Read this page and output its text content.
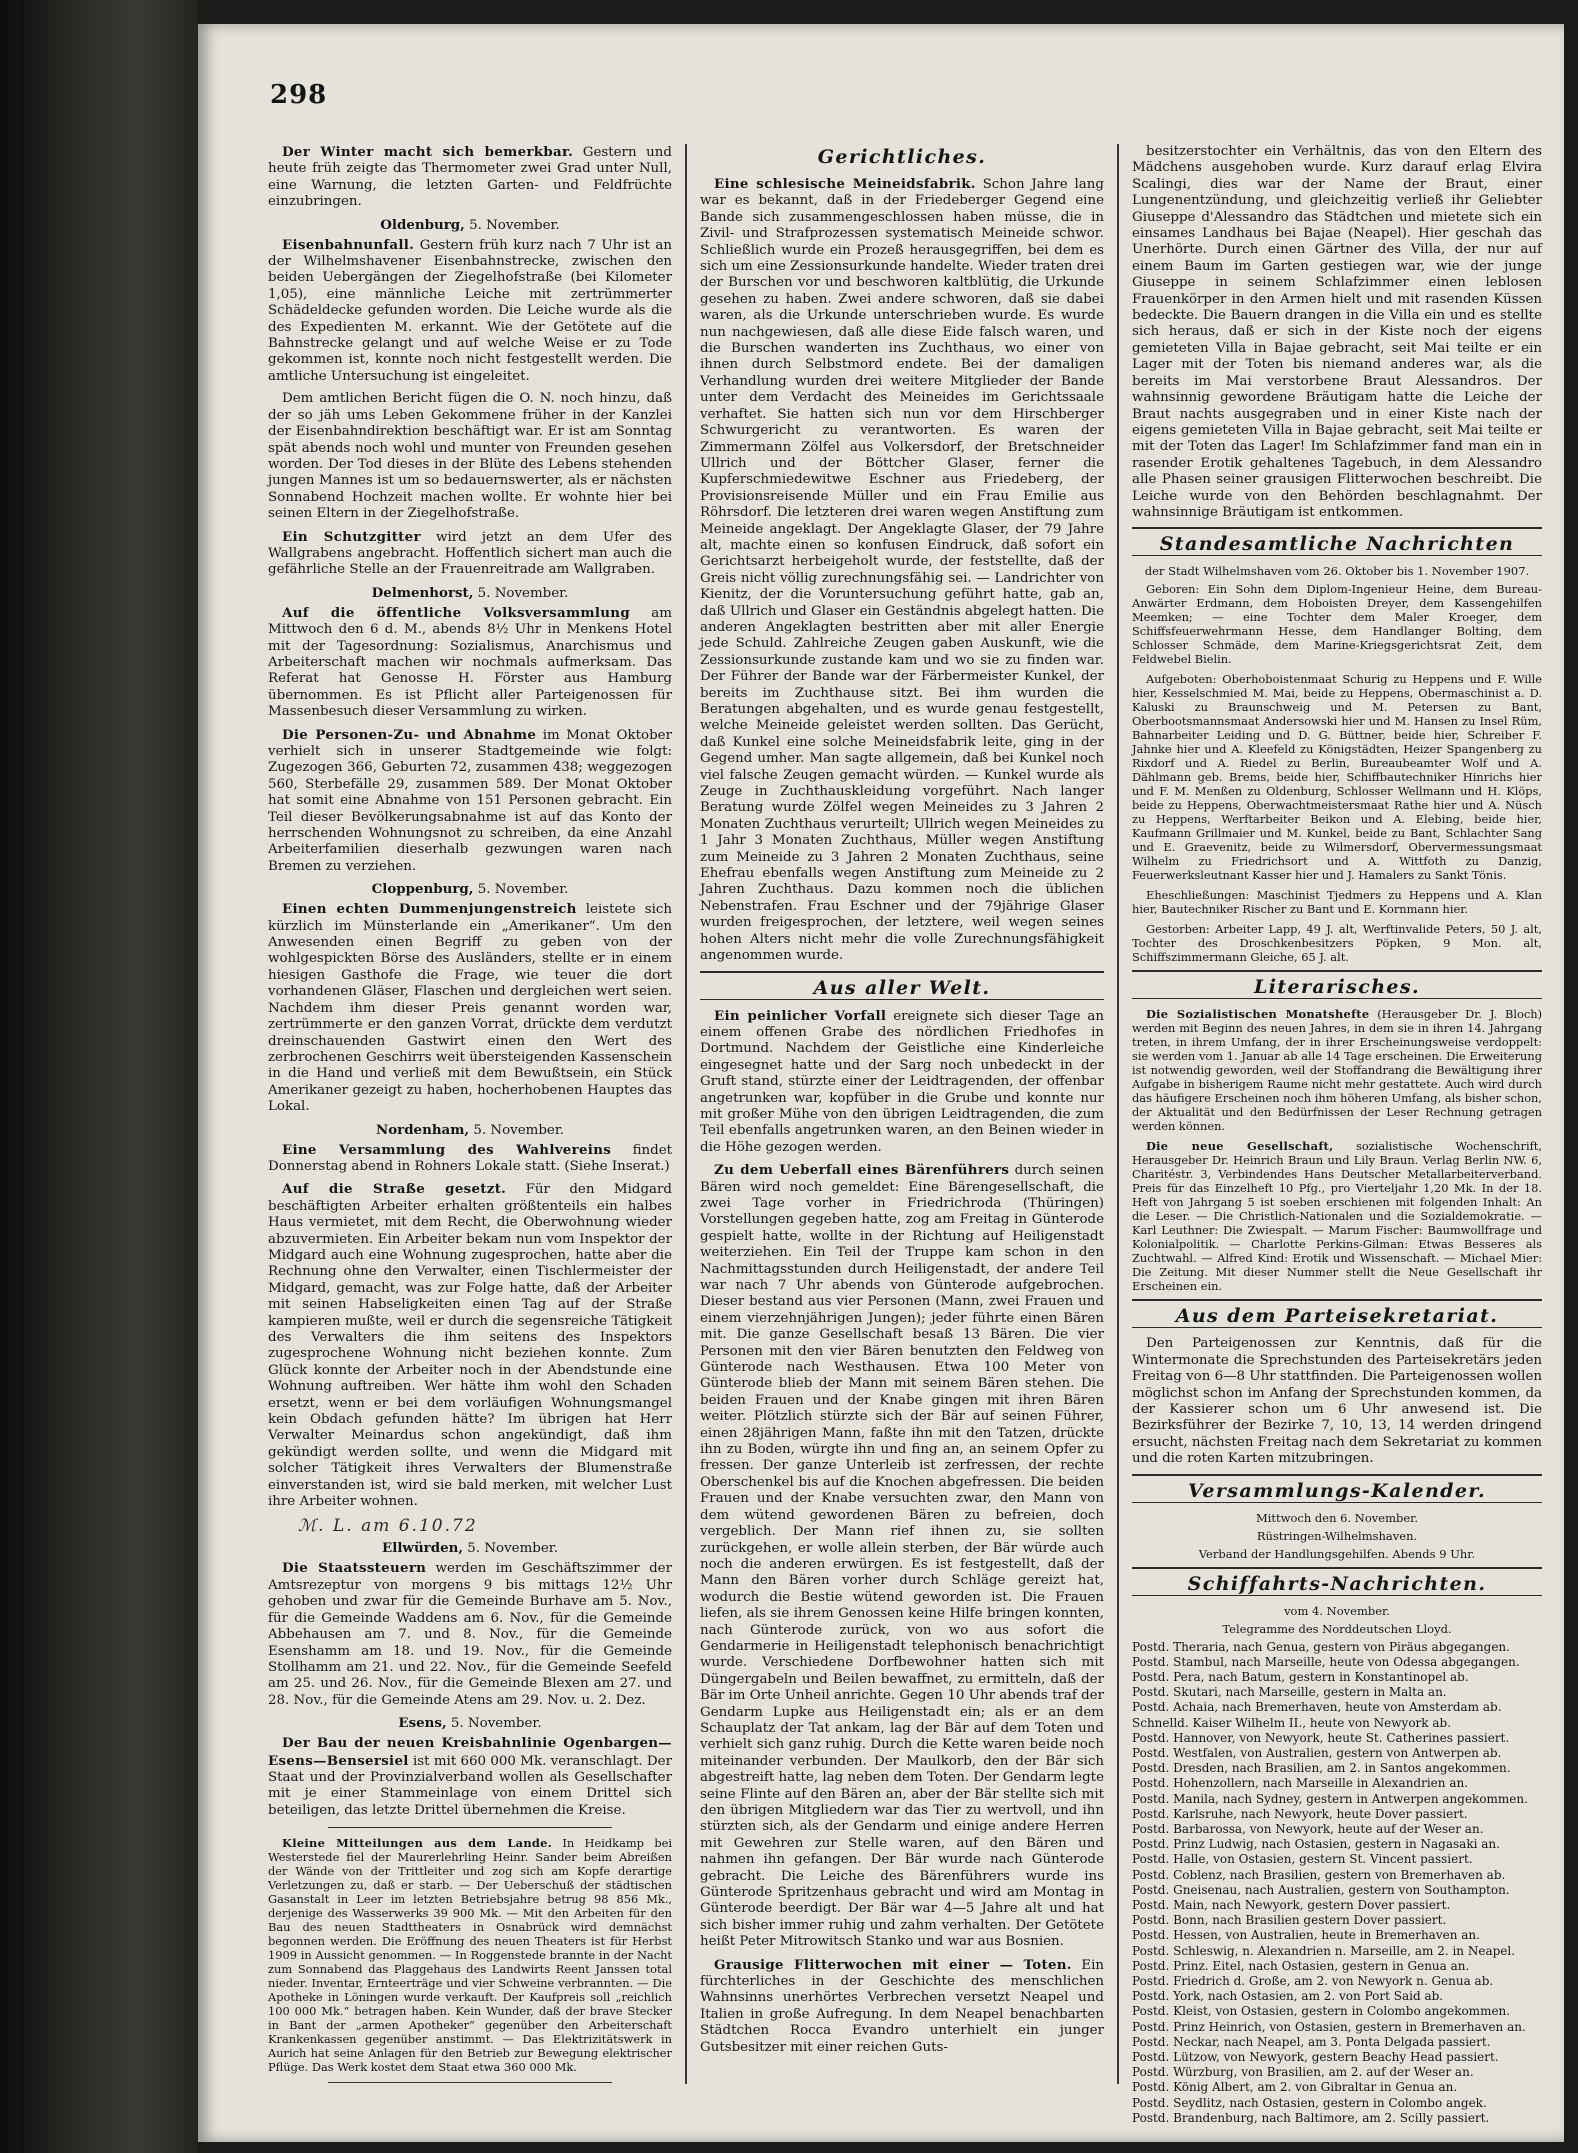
298

Der Winter macht sich bemerkbar. Gestern und heute früh zeigte das Thermometer zwei Grad unter Null, eine Warnung, die letzten Garten- und Feldfrüchte einzubringen.

Oldenburg, 5. November.

Eisenbahnunfall. Gestern früh kurz nach 7 Uhr ist an der Wilhelmshavener Eisenbahnstrecke, zwischen den beiden Uebergängen der Ziegelhofstraße (bei Kilometer 1,05), eine männliche Leiche mit zertrümmerter Schädeldecke gefunden worden. Die Leiche wurde als die des Expedienten M. erkannt. Wie der Getötete auf die Bahnstrecke gelangt und auf welche Weise er zu Tode gekommen ist, konnte noch nicht festgestellt werden. Die amtliche Untersuchung ist eingeleitet.

Dem amtlichen Bericht fügen die O. N. noch hinzu, daß der so jäh ums Leben Gekommene früher in der Kanzlei der Eisenbahndirektion beschäftigt war. Er ist am Sonntag spät abends noch wohl und munter von Freunden gesehen worden. Der Tod dieses in der Blüte des Lebens stehenden jungen Mannes ist um so bedauernswerter, als er nächsten Sonnabend Hochzeit machen wollte. Er wohnte hier bei seinen Eltern in der Ziegelhofstraße.

Ein Schutzgitter wird jetzt an dem Ufer des Wallgrabens angebracht. Hoffentlich sichert man auch die gefährliche Stelle an der Frauenreitrade am Wallgraben.

Delmenhorst, 5. November.

Auf die öffentliche Volksversammlung am Mittwoch den 6 d. M., abends 8½ Uhr in Menkens Hotel mit der Tagesordnung: Sozialismus, Anarchismus und Arbeiterschaft machen wir nochmals aufmerksam. Das Referat hat Genosse H. Förster aus Hamburg übernommen. Es ist Pflicht aller Parteigenossen für Massenbesuch dieser Versammlung zu wirken.

Die Personen-Zu- und Abnahme im Monat Oktober verhielt sich in unserer Stadtgemeinde wie folgt: Zugezogen 366, Geburten 72, zusammen 438; weggezogen 560, Sterbefälle 29, zusammen 589. Der Monat Oktober hat somit eine Abnahme von 151 Personen gebracht. Ein Teil dieser Bevölkerungsabnahme ist auf das Konto der herrschenden Wohnungsnot zu schreiben, da eine Anzahl Arbeiterfamilien dieserhalb gezwungen waren nach Bremen zu verziehen.

Cloppenburg, 5. November.

Einen echten Dummenjungenstreich leistete sich kürzlich im Münsterlande ein „Amerikaner“. Um den Anwesenden einen Begriff zu geben von der wohlgespickten Börse des Ausländers, stellte er in einem hiesigen Gasthofe die Frage, wie teuer die dort vorhandenen Gläser, Flaschen und dergleichen wert seien. Nachdem ihm dieser Preis genannt worden war, zertrümmerte er den ganzen Vorrat, drückte dem verdutzt dreinschauenden Gastwirt einen den Wert des zerbrochenen Geschirrs weit übersteigenden Kassenschein in die Hand und verließ mit dem Bewußtsein, ein Stück Amerikaner gezeigt zu haben, hocherhobenen Hauptes das Lokal.

Nordenham, 5. November.

Eine Versammlung des Wahlvereins findet Donnerstag abend in Rohners Lokale statt. (Siehe Inserat.)

Auf die Straße gesetzt. Für den Midgard beschäftigten Arbeiter erhalten größtenteils ein halbes Haus vermietet, mit dem Recht, die Oberwohnung wieder abzuvermieten. Ein Arbeiter bekam nun vom Inspektor der Midgard auch eine Wohnung zugesprochen, hatte aber die Rechnung ohne den Verwalter, einen Tischlermeister der Midgard, gemacht, was zur Folge hatte, daß der Arbeiter mit seinen Habseligkeiten einen Tag auf der Straße kampieren mußte, weil er durch die segensreiche Tätigkeit des Verwalters die ihm seitens des Inspektors zugesprochene Wohnung nicht beziehen konnte. Zum Glück konnte der Arbeiter noch in der Abendstunde eine Wohnung auftreiben. Wer hätte ihm wohl den Schaden ersetzt, wenn er bei dem vorläufigen Wohnungsmangel kein Obdach gefunden hätte? Im übrigen hat Herr Verwalter Meinardus schon angekündigt, daß ihm gekündigt werden sollte, und wenn die Midgard mit solcher Tätigkeit ihres Verwalters der Blumenstraße einverstanden ist, wird sie bald merken, mit welcher Lust ihre Arbeiter wohnen.

ℳ. L. am 6.10.72
Ellwürden, 5. November.

Die Staatssteuern werden im Geschäftszimmer der Amtsrezeptur von morgens 9 bis mittags 12½ Uhr gehoben und zwar für die Gemeinde Burhave am 5. Nov., für die Gemeinde Waddens am 6. Nov., für die Gemeinde Abbehausen am 7. und 8. Nov., für die Gemeinde Esenshamm am 18. und 19. Nov., für die Gemeinde Stollhamm am 21. und 22. Nov., für die Gemeinde Seefeld am 25. und 26. Nov., für die Gemeinde Blexen am 27. und 28. Nov., für die Gemeinde Atens am 29. Nov. u. 2. Dez.

Esens, 5. November.

Der Bau der neuen Kreisbahnlinie Ogenbargen—Esens—Bensersiel ist mit 660 000 Mk. veranschlagt. Der Staat und der Provinzialverband wollen als Gesellschafter mit je einer Stammeinlage von einem Drittel sich beteiligen, das letzte Drittel übernehmen die Kreise.

Kleine Mitteilungen aus dem Lande. In Heidkamp bei Westerstede fiel der Maurerlehrling Heinr. Sander beim Abreißen der Wände von der Trittleiter und zog sich am Kopfe derartige Verletzungen zu, daß er starb. — Der Ueberschuß der städtischen Gasanstalt in Leer im letzten Betriebsjahre betrug 98 856 Mk., derjenige des Wasserwerks 39 900 Mk. — Mit den Arbeiten für den Bau des neuen Stadttheaters in Osnabrück wird demnächst begonnen werden. Die Eröffnung des neuen Theaters ist für Herbst 1909 in Aussicht genommen. — In Roggenstede brannte in der Nacht zum Sonnabend das Plaggehaus des Landwirts Reent Janssen total nieder. Inventar, Ernteerträge und vier Schweine verbrannten. — Die Apotheke in Löningen wurde verkauft. Der Kaufpreis soll „reichlich 100 000 Mk.“ betragen haben. Kein Wunder, daß der brave Stecker in Bant der „armen Apotheker“ gegenüber den Arbeiterschaft Krankenkassen gegenüber anstimmt. — Das Elektrizitätswerk in Aurich hat seine Anlagen für den Betrieb zur Bewegung elektrischer Pflüge. Das Werk kostet dem Staat etwa 360 000 Mk.

Gerichtliches.

Eine schlesische Meineidsfabrik. Schon Jahre lang war es bekannt, daß in der Friedeberger Gegend eine Bande sich zusammengeschlossen haben müsse, die in Zivil- und Strafprozessen systematisch Meineide schwor. Schließlich wurde ein Prozeß herausgegriffen, bei dem es sich um eine Zessionsurkunde handelte. Wieder traten drei der Burschen vor und beschworen kaltblütig, die Urkunde gesehen zu haben. Zwei andere schworen, daß sie dabei waren, als die Urkunde unterschrieben wurde. Es wurde nun nachgewiesen, daß alle diese Eide falsch waren, und die Burschen wanderten ins Zuchthaus, wo einer von ihnen durch Selbstmord endete. Bei der damaligen Verhandlung wurden drei weitere Mitglieder der Bande unter dem Verdacht des Meineides im Gerichtssaale verhaftet. Sie hatten sich nun vor dem Hirschberger Schwurgericht zu verantworten. Es waren der Zimmermann Zölfel aus Volkersdorf, der Bretschneider Ullrich und der Böttcher Glaser, ferner die Kupferschmiedewitwe Eschner aus Friedeberg, der Provisionsreisende Müller und ein Frau Emilie aus Röhrsdorf. Die letzteren drei waren wegen Anstiftung zum Meineide angeklagt. Der Angeklagte Glaser, der 79 Jahre alt, machte einen so konfusen Eindruck, daß sofort ein Gerichtsarzt herbeigeholt wurde, der feststellte, daß der Greis nicht völlig zurechnungsfähig sei. — Landrichter von Kienitz, der die Voruntersuchung geführt hatte, gab an, daß Ullrich und Glaser ein Geständnis abgelegt hatten. Die anderen Angeklagten bestritten aber mit aller Energie jede Schuld. Zahlreiche Zeugen gaben Auskunft, wie die Zessionsurkunde zustande kam und wo sie zu finden war. Der Führer der Bande war der Färbermeister Kunkel, der bereits im Zuchthause sitzt. Bei ihm wurden die Beratungen abgehalten, und es wurde genau festgestellt, welche Meineide geleistet werden sollten. Das Gerücht, daß Kunkel eine solche Meineidsfabrik leite, ging in der Gegend umher. Man sagte allgemein, daß bei Kunkel noch viel falsche Zeugen gemacht würden. — Kunkel wurde als Zeuge in Zuchthauskleidung vorgeführt. Nach langer Beratung wurde Zölfel wegen Meineides zu 3 Jahren 2 Monaten Zuchthaus verurteilt; Ullrich wegen Meineides zu 1 Jahr 3 Monaten Zuchthaus, Müller wegen Anstiftung zum Meineide zu 3 Jahren 2 Monaten Zuchthaus, seine Ehefrau ebenfalls wegen Anstiftung zum Meineide zu 2 Jahren Zuchthaus. Dazu kommen noch die üblichen Nebenstrafen. Frau Eschner und der 79jährige Glaser wurden freigesprochen, der letztere, weil wegen seines hohen Alters nicht mehr die volle Zurechnungsfähigkeit angenommen wurde.

Aus aller Welt.

Ein peinlicher Vorfall ereignete sich dieser Tage an einem offenen Grabe des nördlichen Friedhofes in Dortmund. Nachdem der Geistliche eine Kinderleiche eingesegnet hatte und der Sarg noch unbedeckt in der Gruft stand, stürzte einer der Leidtragenden, der offenbar angetrunken war, kopfüber in die Grube und konnte nur mit großer Mühe von den übrigen Leidtragenden, die zum Teil ebenfalls angetrunken waren, an den Beinen wieder in die Höhe gezogen werden.

Zu dem Ueberfall eines Bärenführers durch seinen Bären wird noch gemeldet: Eine Bärengesellschaft, die zwei Tage vorher in Friedrichroda (Thüringen) Vorstellungen gegeben hatte, zog am Freitag in Günterode gespielt hatte, wollte in der Richtung auf Heiligenstadt weiterziehen. Ein Teil der Truppe kam schon in den Nachmittagsstunden durch Heiligenstadt, der andere Teil war nach 7 Uhr abends von Günterode aufgebrochen. Dieser bestand aus vier Personen (Mann, zwei Frauen und einem vierzehnjährigen Jungen); jeder führte einen Bären mit. Die ganze Gesellschaft besaß 13 Bären. Die vier Personen mit den vier Bären benutzten den Feldweg von Günterode nach Westhausen. Etwa 100 Meter von Günterode blieb der Mann mit seinem Bären stehen. Die beiden Frauen und der Knabe gingen mit ihren Bären weiter. Plötzlich stürzte sich der Bär auf seinen Führer, einen 28jährigen Mann, faßte ihn mit den Tatzen, drückte ihn zu Boden, würgte ihn und fing an, an seinem Opfer zu fressen. Der ganze Unterleib ist zerfressen, der rechte Oberschenkel bis auf die Knochen abgefressen. Die beiden Frauen und der Knabe versuchten zwar, den Mann von dem wütend gewordenen Bären zu befreien, doch vergeblich. Der Mann rief ihnen zu, sie sollten zurückgehen, er wolle allein sterben, der Bär würde auch noch die anderen erwürgen. Es ist festgestellt, daß der Mann den Bären vorher durch Schläge gereizt hat, wodurch die Bestie wütend geworden ist. Die Frauen liefen, als sie ihrem Genossen keine Hilfe bringen konnten, nach Günterode zurück, von wo aus sofort die Gendarmerie in Heiligenstadt telephonisch benachrichtigt wurde. Verschiedene Dorfbewohner hatten sich mit Düngergabeln und Beilen bewaffnet, zu ermitteln, daß der Bär im Orte Unheil anrichte. Gegen 10 Uhr abends traf der Gendarm Lupke aus Heiligenstadt ein; als er an dem Schauplatz der Tat ankam, lag der Bär auf dem Toten und verhielt sich ganz ruhig. Durch die Kette waren beide noch miteinander verbunden. Der Maulkorb, den der Bär sich abgestreift hatte, lag neben dem Toten. Der Gendarm legte seine Flinte auf den Bären an, aber der Bär stellte sich mit den übrigen Mitgliedern war das Tier zu wertvoll, und ihn stürzten sich, als der Gendarm und einige andere Herren mit Gewehren zur Stelle waren, auf den Bären und nahmen ihn gefangen. Der Bär wurde nach Günterode gebracht. Die Leiche des Bärenführers wurde ins Günterode Spritzenhaus gebracht und wird am Montag in Günterode beerdigt. Der Bär war 4—5 Jahre alt und hat sich bisher immer ruhig und zahm verhalten. Der Getötete heißt Peter Mitrowitsch Stanko und war aus Bosnien.

Grausige Flitterwochen mit einer — Toten. Ein fürchterliches in der Geschichte des menschlichen Wahnsinns unerhörtes Verbrechen versetzt Neapel und Italien in große Aufregung. In dem Neapel benachbarten Städtchen Rocca Evandro unterhielt ein junger Gutsbesitzer mit einer reichen Guts-

besitzerstochter ein Verhältnis, das von den Eltern des Mädchens ausgehoben wurde. Kurz darauf erlag Elvira Scalingi, dies war der Name der Braut, einer Lungenentzündung, und gleichzeitig verließ ihr Geliebter Giuseppe d'Alessandro das Städtchen und mietete sich ein einsames Landhaus bei Bajae (Neapel). Hier geschah das Unerhörte. Durch einen Gärtner des Villa, der nur auf einem Baum im Garten gestiegen war, wie der junge Giuseppe in seinem Schlafzimmer einen leblosen Frauenkörper in den Armen hielt und mit rasenden Küssen bedeckte. Die Bauern drangen in die Villa ein und es stellte sich heraus, daß er sich in der Kiste noch der eigens gemieteten Villa in Bajae gebracht, seit Mai teilte er ein Lager mit der Toten bis niemand anderes war, als die bereits im Mai verstorbene Braut Alessandros. Der wahnsinnig gewordene Bräutigam hatte die Leiche der Braut nachts ausgegraben und in einer Kiste nach der eigens gemieteten Villa in Bajae gebracht, seit Mai teilte er mit der Toten das Lager! Im Schlafzimmer fand man ein in rasender Erotik gehaltenes Tagebuch, in dem Alessandro alle Phasen seiner grausigen Flitterwochen beschreibt. Die Leiche wurde von den Behörden beschlagnahmt. Der wahnsinnige Bräutigam ist entkommen.

Standesamtliche Nachrichten
der Stadt Wilhelmshaven vom 26. Oktober bis 1. November 1907.

Geboren: Ein Sohn dem Diplom-Ingenieur Heine, dem Bureau-Anwärter Erdmann, dem Hoboisten Dreyer, dem Kassengehilfen Meemken; — eine Tochter dem Maler Kroeger, dem Schiffsfeuerwehrmann Hesse, dem Handlanger Bolting, dem Schlosser Schmäde, dem Marine-Kriegsgerichtsrat Zeit, dem Feldwebel Bielin.

Aufgeboten: Oberhoboistenmaat Schurig zu Heppens und F. Wille hier, Kesselschmied M. Mai, beide zu Heppens, Obermaschinist a. D. Kaluski zu Braunschweig und M. Petersen zu Bant, Oberbootsmannsmaat Andersowski hier und M. Hansen zu Insel Rüm, Bahnarbeiter Leiding und D. G. Büttner, beide hier, Schreiber F. Jahnke hier und A. Kleefeld zu Königstädten, Heizer Spangenberg zu Rixdorf und A. Riedel zu Berlin, Bureaubeamter Wolf und A. Dählmann geb. Brems, beide hier, Schiffbautechniker Hinrichs hier und F. M. Menßen zu Oldenburg, Schlosser Wellmann und H. Klöps, beide zu Heppens, Oberwachtmeistersmaat Rathe hier und A. Nüsch zu Heppens, Werftarbeiter Beikon und A. Elebing, beide hier, Kaufmann Grillmaier und M. Kunkel, beide zu Bant, Schlachter Sang und E. Graevenitz, beide zu Wilmersdorf, Obervermessungsmaat Wilhelm zu Friedrichsort und A. Wittfoth zu Danzig, Feuerwerksleutnant Kasser hier und J. Hamalers zu Sankt Tönis.

Eheschließungen: Maschinist Tjedmers zu Heppens und A. Klan hier, Bautechniker Rischer zu Bant und E. Kornmann hier.

Gestorben: Arbeiter Lapp, 49 J. alt, Werftinvalide Peters, 50 J. alt, Tochter des Droschkenbesitzers Pöpken, 9 Mon. alt, Schiffszimmermann Gleiche, 65 J. alt.

Literarisches.

Die Sozialistischen Monatshefte (Herausgeber Dr. J. Bloch) werden mit Beginn des neuen Jahres, in dem sie in ihren 14. Jahrgang treten, in ihrem Umfang, der in ihrer Erscheinungsweise verdoppelt: sie werden vom 1. Januar ab alle 14 Tage erscheinen. Die Erweiterung ist notwendig geworden, weil der Stoffandrang die Bewältigung ihrer Aufgabe in bisherigem Raume nicht mehr gestattete. Auch wird durch das häufigere Erscheinen noch ihm höheren Umfang, als bisher schon, der Aktualität und den Bedürfnissen der Leser Rechnung getragen werden können.

Die neue Gesellschaft, sozialistische Wochenschrift, Herausgeber Dr. Heinrich Braun und Lily Braun. Verlag Berlin NW. 6, Charitéstr. 3, Verbindendes Hans Deutscher Metallarbeiterverband. Preis für das Einzelheft 10 Pfg., pro Vierteljahr 1,20 Mk. In der 18. Heft von Jahrgang 5 ist soeben erschienen mit folgenden Inhalt: An die Leser. — Die Christlich-Nationalen und die Sozialdemokratie. — Karl Leuthner: Die Zwiespalt. — Marum Fischer: Baumwollfrage und Kolonialpolitik. — Charlotte Perkins-Gilman: Etwas Besseres als Zuchtwahl. — Alfred Kind: Erotik und Wissenschaft. — Michael Mier: Die Zeitung. Mit dieser Nummer stellt die Neue Gesellschaft ihr Erscheinen ein.

Aus dem Parteisekretariat.

Den Parteigenossen zur Kenntnis, daß für die Wintermonate die Sprechstunden des Parteisekretärs jeden Freitag von 6—8 Uhr stattfinden. Die Parteigenossen wollen möglichst schon im Anfang der Sprechstunden kommen, da der Kassierer schon um 6 Uhr anwesend ist. Die Bezirksführer der Bezirke 7, 10, 13, 14 werden dringend ersucht, nächsten Freitag nach dem Sekretariat zu kommen und die roten Karten mitzubringen.

Versammlungs-Kalender.
Mittwoch den 6. November.
Rüstringen-Wilhelmshaven.
Verband der Handlungsgehilfen. Abends 9 Uhr.
Schiffahrts-Nachrichten.
vom 4. November.
Telegramme des Norddeutschen Lloyd.

Postd. Theraria, nach Genua, gestern von Piräus abgegangen.

Postd. Stambul, nach Marseille, heute von Odessa abgegangen.

Postd. Pera, nach Batum, gestern in Konstantinopel ab.

Postd. Skutari, nach Marseille, gestern in Malta an.

Postd. Achaia, nach Bremerhaven, heute von Amsterdam ab.

Schnelld. Kaiser Wilhelm II., heute von Newyork ab.

Postd. Hannover, von Newyork, heute St. Catherines passiert.

Postd. Westfalen, von Australien, gestern von Antwerpen ab.

Postd. Dresden, nach Brasilien, am 2. in Santos angekommen.

Postd. Hohenzollern, nach Marseille in Alexandrien an.

Postd. Manila, nach Sydney, gestern in Antwerpen angekommen.

Postd. Karlsruhe, nach Newyork, heute Dover passiert.

Postd. Barbarossa, von Newyork, heute auf der Weser an.

Postd. Prinz Ludwig, nach Ostasien, gestern in Nagasaki an.

Postd. Halle, von Ostasien, gestern St. Vincent passiert.

Postd. Coblenz, nach Brasilien, gestern von Bremerhaven ab.

Postd. Gneisenau, nach Australien, gestern von Southampton.

Postd. Main, nach Newyork, gestern Dover passiert.

Postd. Bonn, nach Brasilien gestern Dover passiert.

Postd. Hessen, von Australien, heute in Bremerhaven an.

Postd. Schleswig, n. Alexandrien n. Marseille, am 2. in Neapel.

Postd. Prinz. Eitel, nach Ostasien, gestern in Genua an.

Postd. Friedrich d. Große, am 2. von Newyork n. Genua ab.

Postd. York, nach Ostasien, am 2. von Port Said ab.

Postd. Kleist, von Ostasien, gestern in Colombo angekommen.

Postd. Prinz Heinrich, von Ostasien, gestern in Bremerhaven an.

Postd. Neckar, nach Neapel, am 3. Ponta Delgada passiert.

Postd. Lützow, von Newyork, gestern Beachy Head passiert.

Postd. Würzburg, von Brasilien, am 2. auf der Weser an.

Postd. König Albert, am 2. von Gibraltar in Genua an.

Postd. Seydlitz, nach Ostasien, gestern in Colombo angek.

Postd. Brandenburg, nach Baltimore, am 2. Scilly passiert.
